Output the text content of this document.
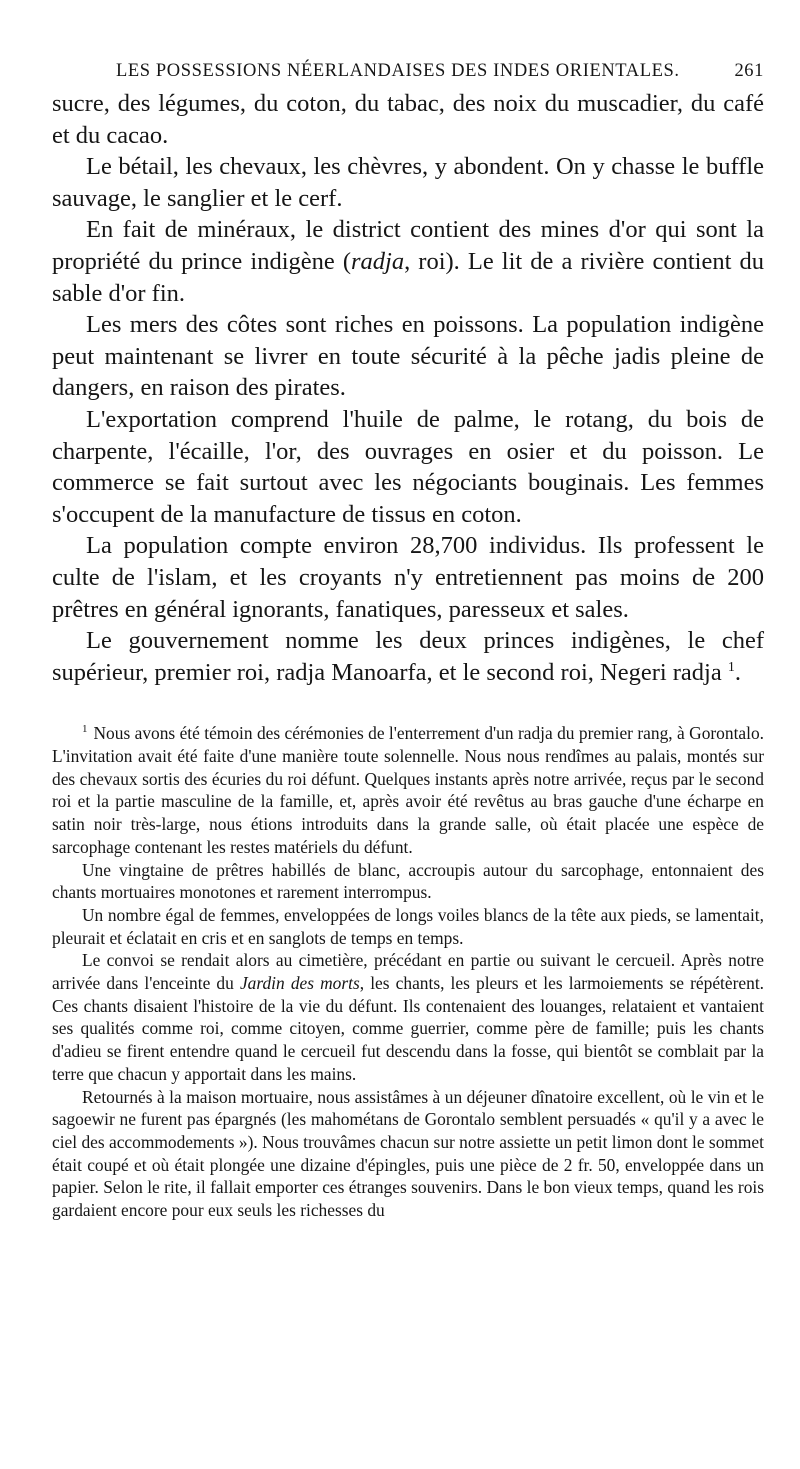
LES POSSESSIONS NÉERLANDAISES DES INDES ORIENTALES.	261

sucre, des légumes, du coton, du tabac, des noix du muscadier, du café et du cacao.

Le bétail, les chevaux, les chèvres, y abondent. On y chasse le buffle sauvage, le sanglier et le cerf.

En fait de minéraux, le district contient des mines d'or qui sont la propriété du prince indigène (radja, roi). Le lit de a rivière contient du sable d'or fin.

Les mers des côtes sont riches en poissons. La population indigène peut maintenant se livrer en toute sécurité à la pêche jadis pleine de dangers, en raison des pirates.

L'exportation comprend l'huile de palme, le rotang, du bois de charpente, l'écaille, l'or, des ouvrages en osier et du poisson. Le commerce se fait surtout avec les négociants bouginais. Les femmes s'occupent de la manufacture de tissus en coton.

La population compte environ 28,700 individus. Ils professent le culte de l'islam, et les croyants n'y entretiennent pas moins de 200 prêtres en général ignorants, fanatiques, paresseux et sales.

Le gouvernement nomme les deux princes indigènes, le chef supérieur, premier roi, radja Manoarfa, et le second roi, Negeri radja $^1$.

$^1$ Nous avons été témoin des cérémonies de l'enterrement d'un radja du premier rang, à Gorontalo. L'invitation avait été faite d'une manière toute solennelle. Nous nous rendîmes au palais, montés sur des chevaux sortis des écuries du roi défunt. Quelques instants après notre arrivée, reçus par le second roi et la partie masculine de la famille, et, après avoir été revêtus au bras gauche d'une écharpe en satin noir très-large, nous étions introduits dans la grande salle, où était placée une espèce de sarcophage contenant les restes matériels du défunt.

Une vingtaine de prêtres habillés de blanc, accroupis autour du sarcophage, entonnaient des chants mortuaires monotones et rarement interrompus.

Un nombre égal de femmes, enveloppées de longs voiles blancs de la tête aux pieds, se lamentait, pleurait et éclatait en cris et en sanglots de temps en temps.

Le convoi se rendait alors au cimetière, précédant en partie ou suivant le cercueil. Après notre arrivée dans l'enceinte du Jardin des morts, les chants, les pleurs et les larmoiements se répétèrent. Ces chants disaient l'histoire de la vie du défunt. Ils contenaient des louanges, relataient et vantaient ses qualités comme roi, comme citoyen, comme guerrier, comme père de famille; puis les chants d'adieu se firent entendre quand le cercueil fut descendu dans la fosse, qui bientôt se comblait par la terre que chacun y apportait dans les mains.

Retournés à la maison mortuaire, nous assistâmes à un déjeuner dînatoire excellent, où le vin et le sagoewir ne furent pas épargnés (les mahométans de Gorontalo semblent persuadés « qu'il y a avec le ciel des accommodements »). Nous trouvâmes chacun sur notre assiette un petit limon dont le sommet était coupé et où était plongée une dizaine d'épingles, puis une pièce de 2 fr. 50, enveloppée dans un papier. Selon le rite, il fallait emporter ces étranges souvenirs. Dans le bon vieux temps, quand les rois gardaient encore pour eux seuls les richesses du
